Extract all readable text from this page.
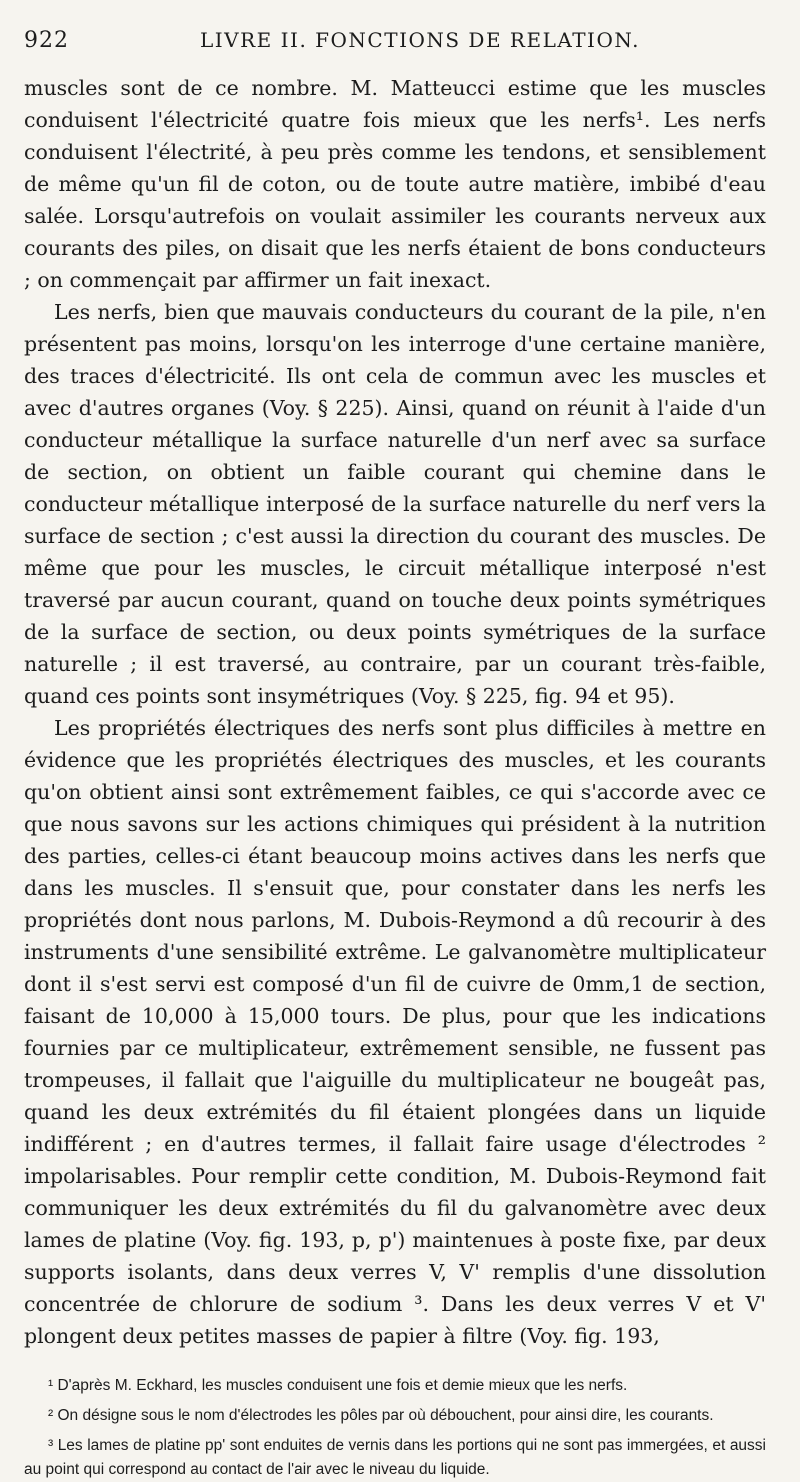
922	LIVRE II. FONCTIONS DE RELATION.

muscles sont de ce nombre. M. Matteucci estime que les muscles conduisent l'électricité quatre fois mieux que les nerfs¹. Les nerfs conduisent l'électrité, à peu près comme les tendons, et sensiblement de même qu'un fil de coton, ou de toute autre matière, imbibé d'eau salée. Lorsqu'autrefois on voulait assimiler les courants nerveux aux courants des piles, on disait que les nerfs étaient de bons conducteurs ; on commençait par affirmer un fait inexact.

Les nerfs, bien que mauvais conducteurs du courant de la pile, n'en présentent pas moins, lorsqu'on les interroge d'une certaine manière, des traces d'électricité. Ils ont cela de commun avec les muscles et avec d'autres organes (Voy. § 225). Ainsi, quand on réunit à l'aide d'un conducteur métallique la surface naturelle d'un nerf avec sa surface de section, on obtient un faible courant qui chemine dans le conducteur métallique interposé de la surface naturelle du nerf vers la surface de section ; c'est aussi la direction du courant des muscles. De même que pour les muscles, le circuit métallique interposé n'est traversé par aucun courant, quand on touche deux points symétriques de la surface de section, ou deux points symétriques de la surface naturelle ; il est traversé, au contraire, par un courant très-faible, quand ces points sont insymétriques (Voy. § 225, fig. 94 et 95).

Les propriétés électriques des nerfs sont plus difficiles à mettre en évidence que les propriétés électriques des muscles, et les courants qu'on obtient ainsi sont extrêmement faibles, ce qui s'accorde avec ce que nous savons sur les actions chimiques qui président à la nutrition des parties, celles-ci étant beaucoup moins actives dans les nerfs que dans les muscles. Il s'ensuit que, pour constater dans les nerfs les propriétés dont nous parlons, M. Dubois-Reymond a dû recourir à des instruments d'une sensibilité extrême. Le galvanomètre multiplicateur dont il s'est servi est composé d'un fil de cuivre de 0mm,1 de section, faisant de 10,000 à 15,000 tours. De plus, pour que les indications fournies par ce multiplicateur, extrêmement sensible, ne fussent pas trompeuses, il fallait que l'aiguille du multiplicateur ne bougeât pas, quand les deux extrémités du fil étaient plongées dans un liquide indifférent ; en d'autres termes, il fallait faire usage d'électrodes ² impolarisables. Pour remplir cette condition, M. Dubois-Reymond fait communiquer les deux extrémités du fil du galvanomètre avec deux lames de platine (Voy. fig. 193, p, p') maintenues à poste fixe, par deux supports isolants, dans deux verres V, V' remplis d'une dissolution concentrée de chlorure de sodium ³. Dans les deux verres V et V' plongent deux petites masses de papier à filtre (Voy. fig. 193,

¹ D'après M. Eckhard, les muscles conduisent une fois et demie mieux que les nerfs.

² On désigne sous le nom d'électrodes les pôles par où débouchent, pour ainsi dire, les courants.

³ Les lames de platine pp' sont enduites de vernis dans les portions qui ne sont pas immergées, et aussi au point qui correspond au contact de l'air avec le niveau du liquide.
